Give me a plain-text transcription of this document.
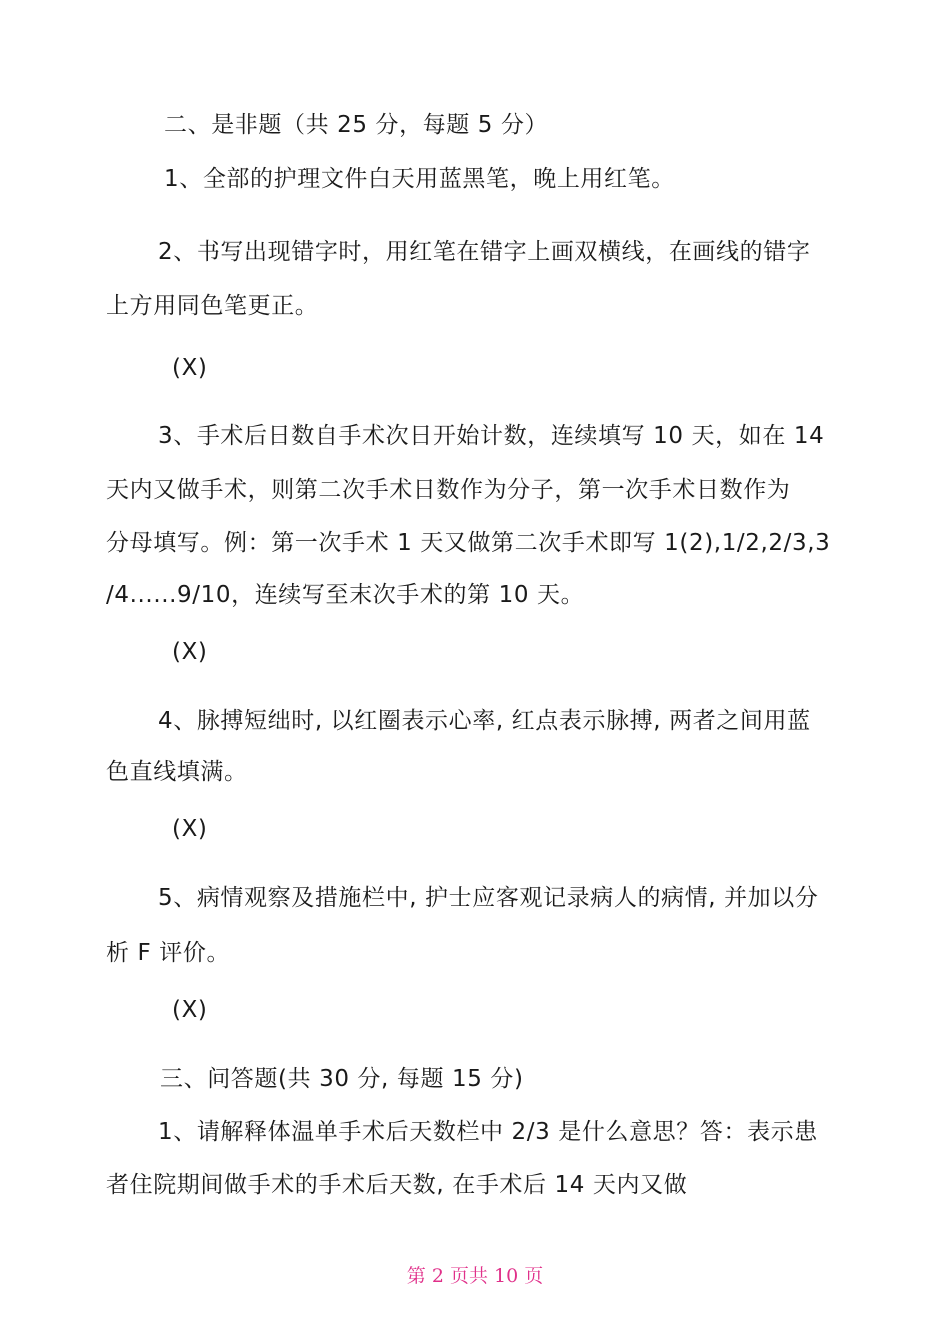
二、是非题（共 25 分，每题 5 分）
1、全部的护理文件白天用蓝黑笔，晚上用红笔。
2、书写出现错字时，用红笔在错字上画双横线，在画线的错字
上方用同色笔更正。
(X)
3、手术后日数自手术次日开始计数，连续填写 10 天，如在 14
天内又做手术，则第二次手术日数作为分子，第一次手术日数作为
分母填写。例：第一次手术 1 天又做第二次手术即写 1(2),1/2,2/3,3
/4......9/10，连续写至末次手术的第 10 天。
(X)
4、脉搏短绌时, 以红圈表示心率, 红点表示脉搏, 两者之间用蓝
色直线填满。
(X)
5、病情观察及措施栏中, 护士应客观记录病人的病情, 并加以分
析 F 评价。
(X)
三、问答题(共 30 分, 每题 15 分)
1、请解释体温单手术后天数栏中 2/3 是什么意思？答：表示患
者住院期间做手术的手术后天数, 在手术后 14 天内又做
第 2 页共 10 页
